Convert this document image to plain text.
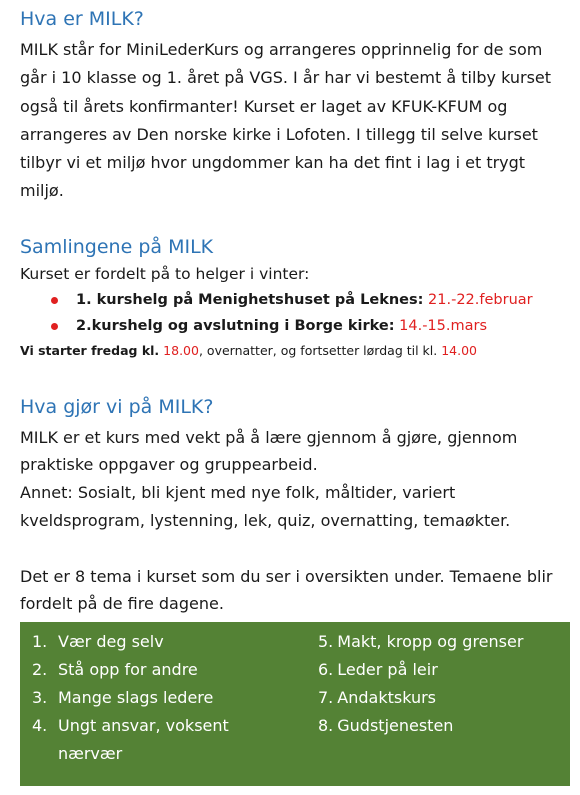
Hva er MILK?

MILK står for MiniLederKurs og arrangeres opprinnelig for de som går i 10 klasse og 1. året på VGS. I år har vi bestemt å tilby kurset også til årets konfirmanter! Kurset er laget av KFUK-KFUM og arrangeres av Den norske kirke i Lofoten. I tillegg til selve kurset tilbyr vi et miljø hvor ungdommer kan ha det fint i lag i et trygt miljø.

Samlingene på MILK

Kurset er fordelt på to helger i vinter:

1. kurshelg på Menighetshuset på Leknes: 21.-22.februar
2.kurshelg og avslutning i Borge kirke: 14.-15.mars

Vi starter fredag kl. 18.00, overnatter, og fortsetter lørdag til kl. 14.00

Hva gjør vi på MILK?

MILK er et kurs med vekt på å lære gjennom å gjøre, gjennom praktiske oppgaver og gruppearbeid.

Annet: Sosialt, bli kjent med nye folk, måltider, variert kveldsprogram, lystenning, lek, quiz, overnatting, temaøkter.

Det er 8 tema i kurset som du ser i oversikten under. Temaene blir fordelt på de fire dagene.

1. Vær deg selv
2. Stå opp for andre
3. Mange slags ledere
4. Ungt ansvar, voksent nærvær
5. Makt, kropp og grenser
6. Leder på leir
7. Andaktskurs
8. Gudstjenesten
